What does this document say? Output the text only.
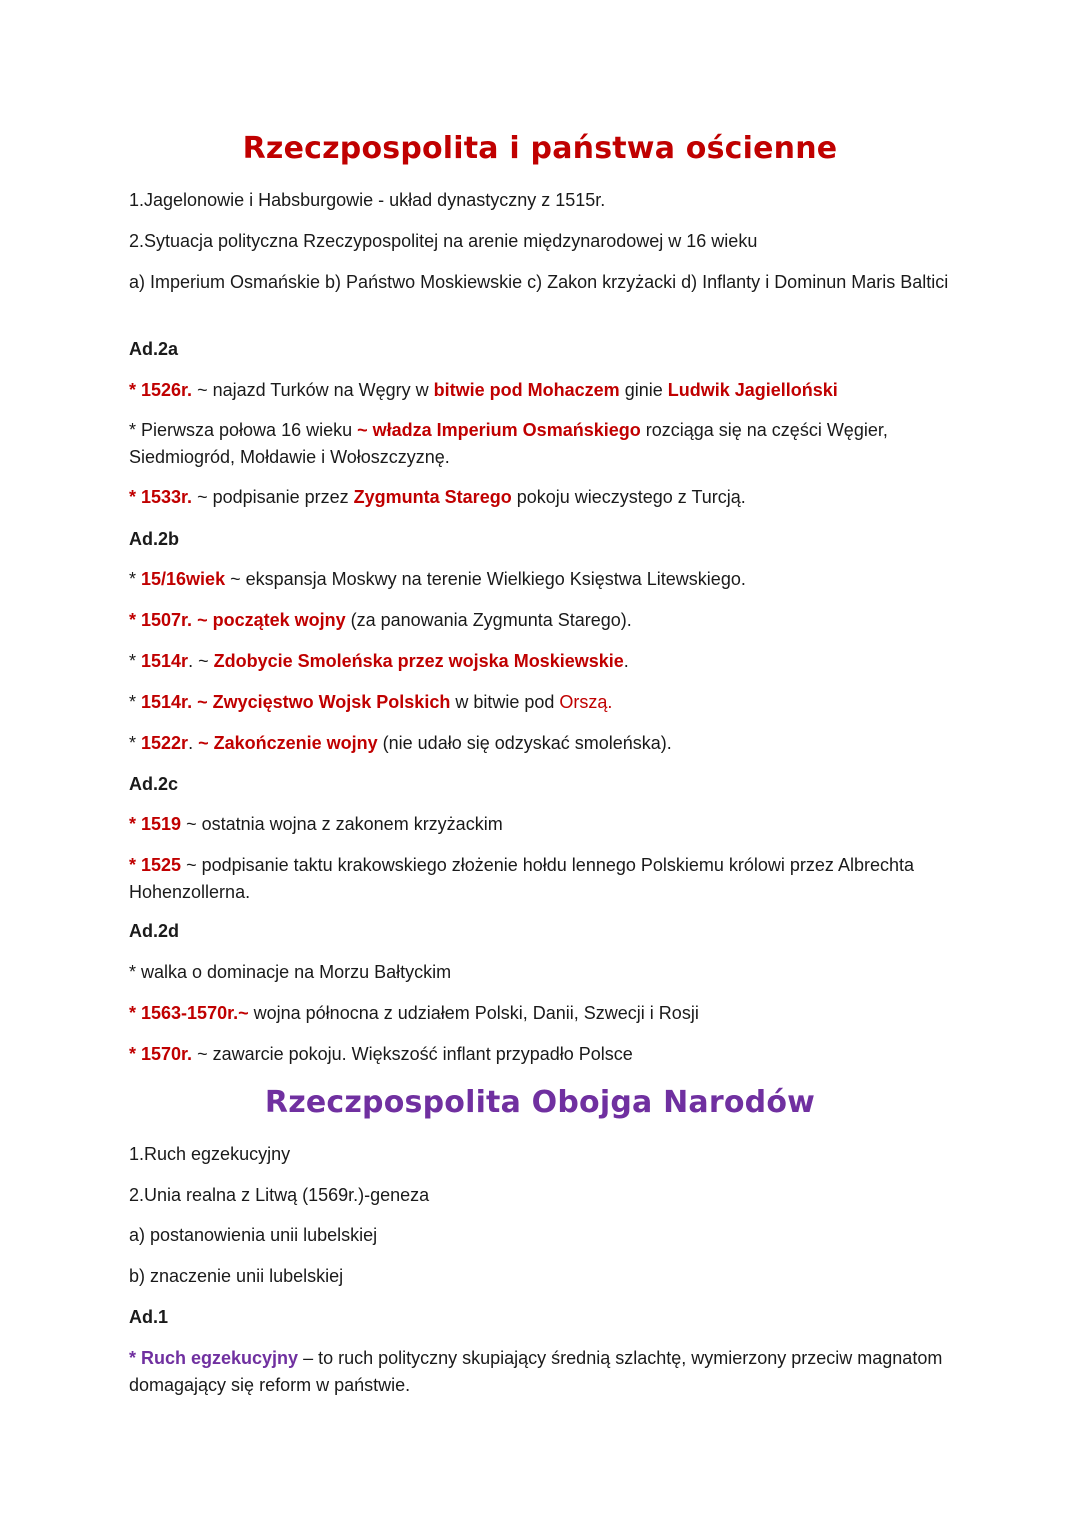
Rzeczpospolita i państwa ościenne
1.Jagelonowie i Habsburgowie - układ dynastyczny z 1515r.
2.Sytuacja polityczna Rzeczypospolitej na arenie międzynarodowej w 16 wieku
a) Imperium Osmańskie b) Państwo Moskiewskie c) Zakon krzyżacki d) Inflanty i Dominun Maris Baltici
Ad.2a
* 1526r. ~ najazd Turków na Węgry w bitwie pod Mohaczem ginie Ludwik Jagielloński
* Pierwsza połowa 16 wieku ~ władza Imperium Osmańskiego rozciąga się na części Węgier, Siedmiogród, Mołdawie i Wołoszczyznę.
* 1533r. ~ podpisanie przez Zygmunta Starego pokoju wieczystego z Turcją.
Ad.2b
* 15/16wiek ~ ekspansja Moskwy na terenie Wielkiego Księstwa Litewskiego.
* 1507r. ~ początek wojny (za panowania Zygmunta Starego).
* 1514r. ~ Zdobycie Smoleńska przez wojska Moskiewskie.
* 1514r. ~ Zwycięstwo Wojsk Polskich w bitwie pod Orszą.
* 1522r. ~ Zakończenie wojny (nie udało się odzyskać smoleńska).
Ad.2c
* 1519 ~ ostatnia wojna z zakonem krzyżackim
* 1525 ~ podpisanie taktu krakowskiego złożenie hołdu lennego Polskiemu królowi przez Albrechta Hohenzollerna.
Ad.2d
* walka o dominacje na Morzu Bałtyckim
* 1563-1570r.~ wojna północna z udziałem Polski, Danii, Szwecji i Rosji
* 1570r. ~ zawarcie pokoju. Większość inflant przypadło Polsce
Rzeczpospolita Obojga Narodów
1.Ruch egzekucyjny
2.Unia realna z Litwą (1569r.)-geneza
a) postanowienia unii lubelskiej
b) znaczenie unii lubelskiej
Ad.1
* Ruch egzekucyjny – to ruch polityczny skupiający średnią szlachtę, wymierzony przeciw magnatom domagający się reform w państwie.
